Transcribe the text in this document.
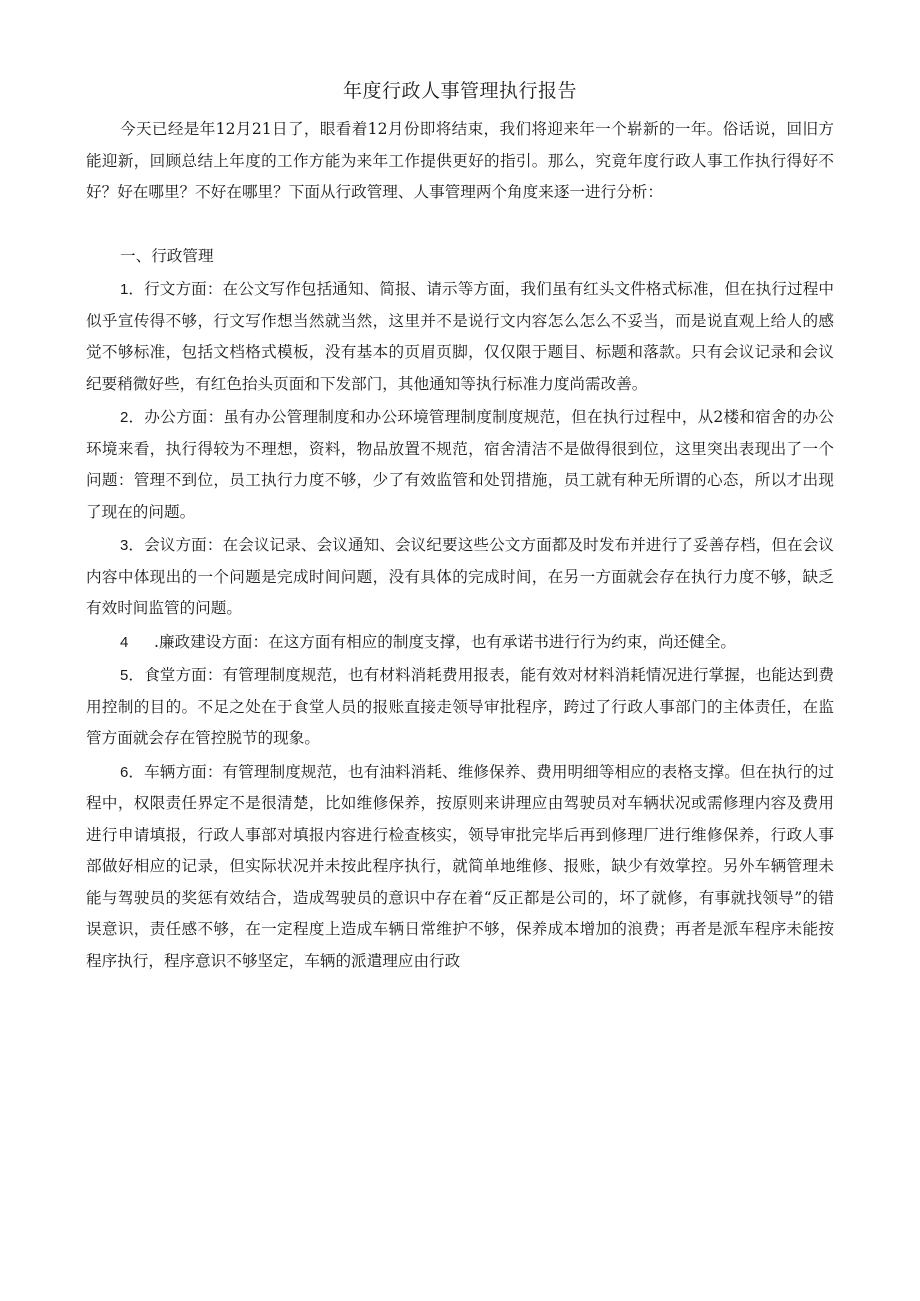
年度行政人事管理执行报告

今天已经是年12月21日了，眼看着12月份即将结束，我们将迎来年一个崭新的一年。俗话说，回旧方能迎新，回顾总结上年度的工作方能为来年工作提供更好的指引。那么，究竟年度行政人事工作执行得好不好？好在哪里？不好在哪里？下面从行政管理、人事管理两个角度来逐一进行分析：

一、行政管理

1．行文方面：在公文写作包括通知、简报、请示等方面，我们虽有红头文件格式标准，但在执行过程中似乎宣传得不够，行文写作想当然就当然，这里并不是说行文内容怎么怎么不妥当，而是说直观上给人的感觉不够标准，包括文档格式模板，没有基本的页眉页脚，仅仅限于题目、标题和落款。只有会议记录和会议纪要稍微好些，有红色抬头页面和下发部门，其他通知等执行标准力度尚需改善。

2．办公方面：虽有办公管理制度和办公环境管理制度制度规范，但在执行过程中，从2楼和宿舍的办公环境来看，执行得较为不理想，资料，物品放置不规范，宿舍清洁不是做得很到位，这里突出表现出了一个问题：管理不到位，员工执行力度不够，少了有效监管和处罚措施，员工就有种无所谓的心态，所以才出现了现在的问题。

3．会议方面：在会议记录、会议通知、会议纪要这些公文方面都及时发布并进行了妥善存档，但在会议内容中体现出的一个问题是完成时间问题，没有具体的完成时间，在另一方面就会存在执行力度不够，缺乏有效时间监管的问题。

4 .廉政建设方面：在这方面有相应的制度支撑，也有承诺书进行行为约束，尚还健全。

5．食堂方面：有管理制度规范，也有材料消耗费用报表，能有效对材料消耗情况进行掌握，也能达到费用控制的目的。不足之处在于食堂人员的报账直接走领导审批程序，跨过了行政人事部门的主体责任，在监管方面就会存在管控脱节的现象。

6．车辆方面：有管理制度规范，也有油料消耗、维修保养、费用明细等相应的表格支撑。但在执行的过程中，权限责任界定不是很清楚，比如维修保养，按原则来讲理应由驾驶员对车辆状况或需修理内容及费用进行申请填报，行政人事部对填报内容进行检查核实，领导审批完毕后再到修理厂进行维修保养，行政人事部做好相应的记录，但实际状况并未按此程序执行，就简单地维修、报账，缺少有效掌控。另外车辆管理未能与驾驶员的奖惩有效结合，造成驾驶员的意识中存在着“反正都是公司的，坏了就修，有事就找领导”的错误意识，责任感不够，在一定程度上造成车辆日常维护不够，保养成本增加的浪费；再者是派车程序未能按程序执行，程序意识不够坚定，车辆的派遣理应由行政
